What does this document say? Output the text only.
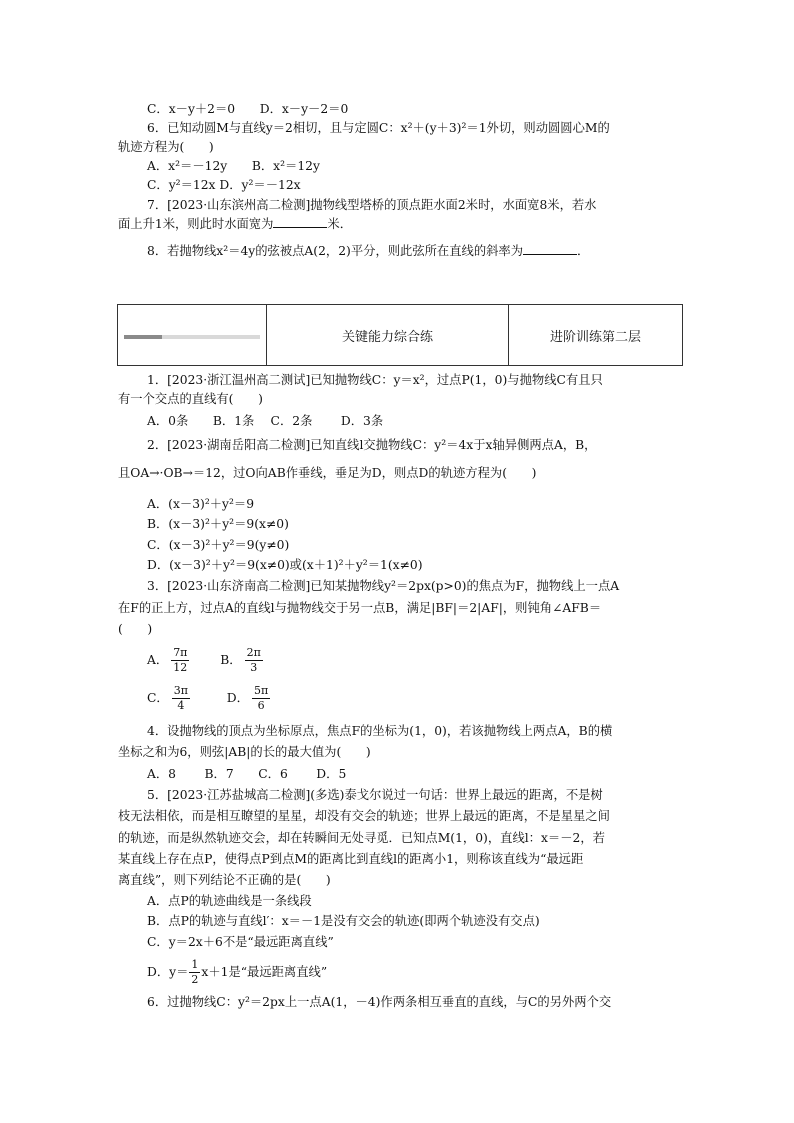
C．x－y＋2＝0　　D．x－y－2＝0
6．已知动圆M与直线y＝2相切，且与定圆C：x²＋(y＋3)²＝1外切，则动圆圆心M的
轨迹方程为(　　)
A．x²＝－12y　　B．x²＝12y
C．y²＝12x D．y²＝－12x
7．[2023·山东滨州高二检测]抛物线型塔桥的顶点距水面2米时，水面宽8米，若水
面上升1米，则此时水面宽为	米．
8．若抛物线x²＝4y的弦被点A(2，2)平分，则此弦所在直线的斜率为	．
	关键能力综合练	进阶训练第二层
1．[2023·浙江温州高二测试]已知抛物线C：y＝x²，过点P(1，0)与抛物线C有且只
有一个交点的直线有(　　)
A．0条　　B．1条　 C．2条　　 D．3条
2．[2023·湖南岳阳高二检测]已知直线l交抛物线C：y²＝4x于x轴异侧两点A，B，
且OA→·OB→＝12，过O向AB作垂线，垂足为D，则点D的轨迹方程为(　　)
A．(x－3)²＋y²＝9
B．(x－3)²＋y²＝9(x≠0)
C．(x－3)²＋y²＝9(y≠0)
D．(x－3)²＋y²＝9(x≠0)或(x＋1)²＋y²＝1(x≠0)
3．[2023·山东济南高二检测]已知某抛物线y²＝2px(p>0)的焦点为F，抛物线上一点A
在F的正上方，过点A的直线l与抛物线交于另一点B，满足|BF|＝2|AF|，则钝角∠AFB＝
(　　)
A． $\frac{7\pi}{12}$	B． $\frac{2\pi}{3}$
C． $\frac{3\pi}{4}$	D． $\frac{5\pi}{6}$
4．设抛物线的顶点为坐标原点，焦点F的坐标为(1，0)，若该抛物线上两点A，B的横
坐标之和为6，则弦|AB|的长的最大值为(　　)
A．8　　 B．7　　C．6　　 D．5
5．[2023·江苏盐城高二检测](多选)泰戈尔说过一句话：世界上最远的距离，不是树
枝无法相依，而是相互瞭望的星星，却没有交会的轨迹；世界上最远的距离，不是星星之间
的轨迹，而是纵然轨迹交会，却在转瞬间无处寻觅．已知点M(1，0)，直线l：x＝－2，若
某直线上存在点P，使得点P到点M的距离比到直线l的距离小1，则称该直线为“最远距
离直线”，则下列结论不正确的是(　　)
A．点P的轨迹曲线是一条线段
B．点P的轨迹与直线l′：x＝－1是没有交会的轨迹(即两个轨迹没有交点)
C．y＝2x＋6不是“最远距离直线”
D．$y= \frac{1}{2} x+1$是“最远距离直线”
6．过抛物线C：y²＝2px上一点A(1，－4)作两条相互垂直的直线，与C的另外两个交
